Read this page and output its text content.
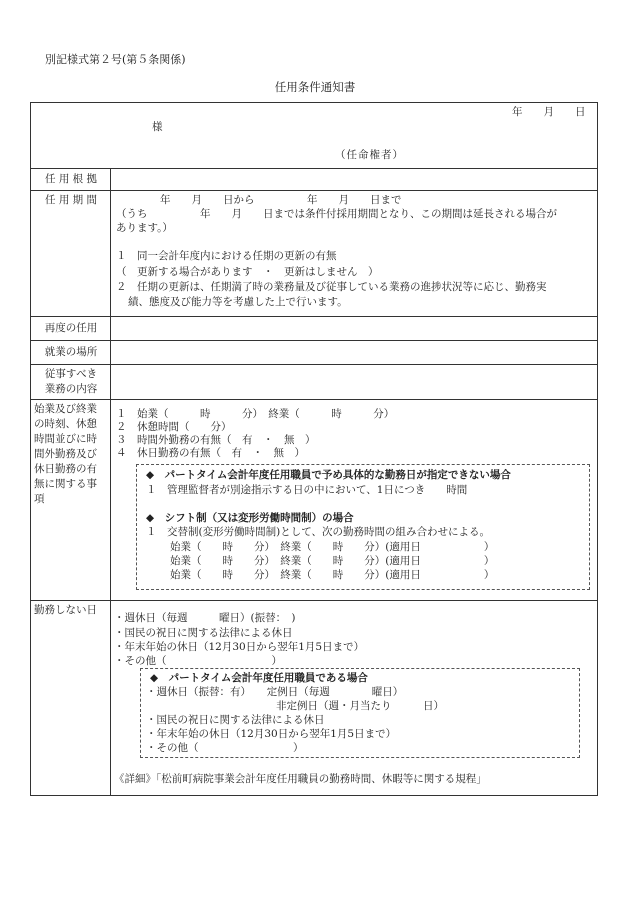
別記様式第２号(第５条関係)
任用条件通知書
年　　月　　日
様
（任命権者）
任 用 根 拠
任 用 期 間	年　　月　　日から　　　　　年　　月　　日まで
（うち　　　　　年　　月　　日までは条件付採用期間となり、この期間は延長される場合が
あります。）
１　同一会計年度内における任期の更新の有無
（　更新する場合があります　・　更新はしません　）
２　任期の更新は、任期満了時の業務量及び従事している業務の進捗状況等に応じ、勤務実
績、態度及び能力等を考慮した上で行います。
再度の任用
就業の場所
従事すべき
業務の内容
始業及び終業
の時刻、休憩
時間並びに時
間外勤務及び
休日勤務の有
無に関する事
項
１　始業（　　　時　　　分）　終業（　　　時　　　分）
２　休憩時間（　　分）
３　時間外勤務の有無（　有　・　無　）
４　休日勤務の有無（　有　・　無　）
◆　パートタイム会計年度任用職員で予め具体的な勤務日が指定できない場合
１　管理監督者が別途指示する日の中において、1日につき　　時間
◆　シフト制（又は変形労働時間制）の場合
１　交替制(変形労働時間制)として、次の勤務時間の組み合わせによる。
始業（　　時　　分）　終業（　　時　　分）(適用日　　　　　　）
始業（　　時　　分）　終業（　　時　　分）(適用日　　　　　　）
始業（　　時　　分）　終業（　　時　　分）(適用日　　　　　　）
勤務しない日
・週休日（毎週　　　曜日）(振替：　)
・国民の祝日に関する法律による休日
・年末年始の休日（12月30日から翌年1月5日まで）
・その他（　　　　　　　　　　）
◆　パートタイム会計年度任用職員である場合
・週休日（振替：有）　　定例日（毎週　　　　曜日）
非定例日（週・月当たり　　　日）
・国民の祝日に関する法律による休日
・年末年始の休日（12月30日から翌年1月5日まで）
・その他（　　　　　　　　　）
《詳細》「松前町病院事業会計年度任用職員の勤務時間、休暇等に関する規程」
